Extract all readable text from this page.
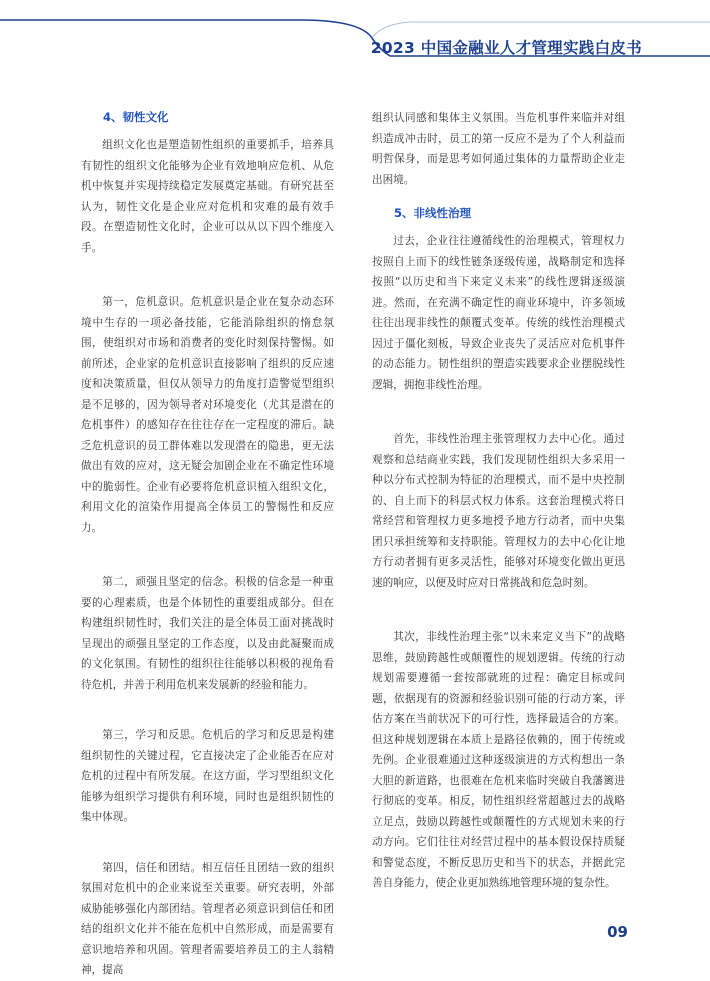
2023 中国金融业人才管理实践白皮书
4、韧性文化

组织文化也是塑造韧性组织的重要抓手，培养具有韧性的组织文化能够为企业有效地响应危机、从危机中恢复并实现持续稳定发展奠定基础。有研究甚至认为，韧性文化是企业应对危机和灾难的最有效手段。在塑造韧性文化时，企业可以从以下四个维度入手。

第一，危机意识。危机意识是企业在复杂动态环境中生存的一项必备技能，它能消除组织的惰怠氛围，使组织对市场和消费者的变化时刻保持警惕。如前所述，企业家的危机意识直接影响了组织的反应速度和决策质量，但仅从领导力的角度打造警觉型组织是不足够的，因为领导者对环境变化（尤其是潜在的危机事件）的感知存在往往存在一定程度的滞后。缺乏危机意识的员工群体难以发现潜在的隐患，更无法做出有效的应对，这无疑会加剧企业在不确定性环境中的脆弱性。企业有必要将危机意识植入组织文化，利用文化的渲染作用提高全体员工的警惕性和反应力。

第二，顽强且坚定的信念。积极的信念是一种重要的心理素质，也是个体韧性的重要组成部分。但在构建组织韧性时，我们关注的是全体员工面对挑战时呈现出的顽强且坚定的工作态度，以及由此凝聚而成的文化氛围。有韧性的组织往往能够以积极的视角看待危机，并善于利用危机来发展新的经验和能力。

第三，学习和反思。危机后的学习和反思是构建组织韧性的关键过程，它直接决定了企业能否在应对危机的过程中有所发展。在这方面，学习型组织文化能够为组织学习提供有利环境，同时也是组织韧性的集中体现。

第四，信任和团结。相互信任且团结一致的组织氛围对危机中的企业来说至关重要。研究表明，外部威胁能够强化内部团结。管理者必须意识到信任和团结的组织文化并不能在危机中自然形成，而是需要有意识地培养和巩固。管理者需要培养员工的主人翁精神，提高

组织认同感和集体主义氛围。当危机事件来临并对组织造成冲击时，员工的第一反应不是为了个人利益而明哲保身，而是思考如何通过集体的力量帮助企业走出困境。

5、非线性治理

过去，企业往往遵循线性的治理模式，管理权力按照自上而下的线性链条逐级传递，战略制定和选择按照“以历史和当下来定义未来”的线性逻辑逐级演进。然而，在充满不确定性的商业环境中，许多领域往往出现非线性的颠覆式变革。传统的线性治理模式因过于僵化刻板，导致企业丧失了灵活应对危机事件的动态能力。韧性组织的塑造实践要求企业摆脱线性逻辑，拥抱非线性治理。

首先，非线性治理主张管理权力去中心化。通过观察和总结商业实践，我们发现韧性组织大多采用一种以分布式控制为特征的治理模式，而不是中央控制的、自上而下的科层式权力体系。这套治理模式将日常经营和管理权力更多地授予地方行动者，而中央集团只承担统筹和支持职能。管理权力的去中心化让地方行动者拥有更多灵活性，能够对环境变化做出更迅速的响应，以便及时应对日常挑战和危急时刻。

其次，非线性治理主张“以未来定义当下”的战略思维，鼓励跨越性或颠覆性的规划逻辑。传统的行动规划需要遵循一套按部就班的过程：确定目标或问题，依据现有的资源和经验识别可能的行动方案，评估方案在当前状况下的可行性，选择最适合的方案。但这种规划逻辑在本质上是路径依赖的，囿于传统或先例。企业很难通过这种逐级演进的方式构想出一条大胆的新道路，也很难在危机来临时突破自我藩篱进行彻底的变革。相反，韧性组织经常超越过去的战略立足点，鼓励以跨越性或颠覆性的方式规划未来的行动方向。它们往往对经营过程中的基本假设保持质疑和警觉态度，不断反思历史和当下的状态，并据此完善自身能力，使企业更加熟练地管理环境的复杂性。

09
